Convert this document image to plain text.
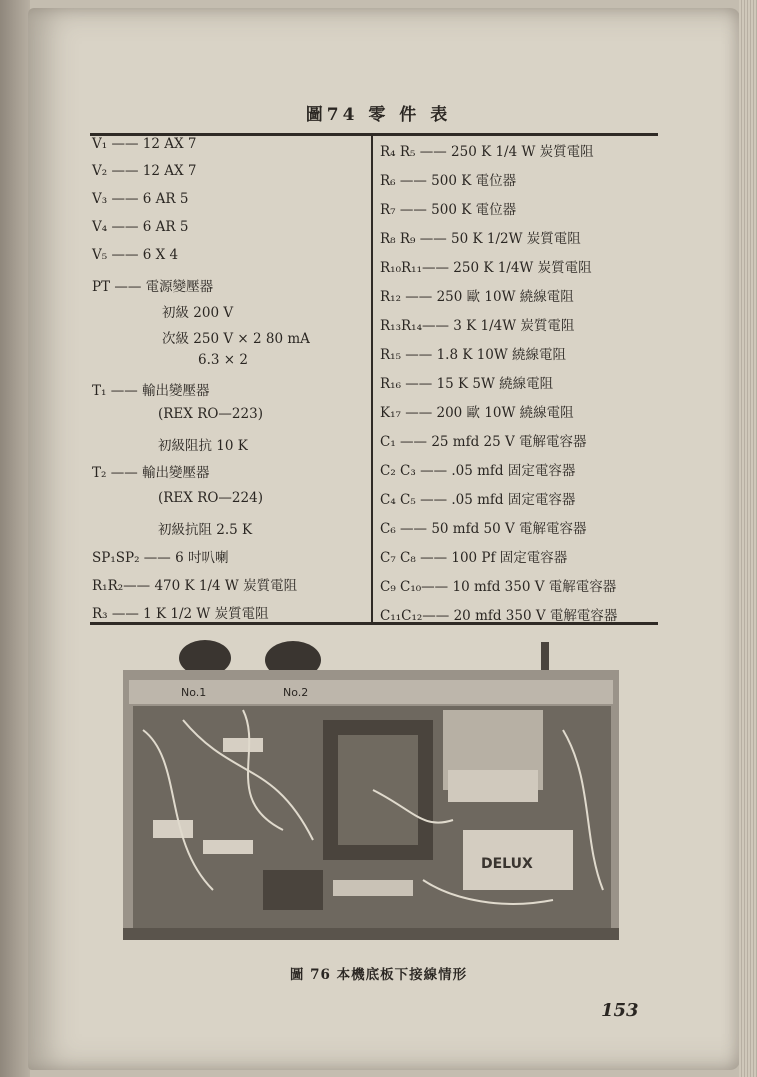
圖74 零 件 表
V₁ —— 12 AX 7
V₂ —— 12 AX 7
V₃ —— 6 AR 5
V₄ —— 6 AR 5
V₅ —— 6 X 4
PT —— 電源變壓器
初級 200 V
次級 250 V × 2 80 mA
6.3 × 2
T₁ —— 輸出變壓器
(REX RO—223)
初級阻抗 10 K
T₂ —— 輸出變壓器
(REX RO—224)
初級抗阻 2.5 K
SP₁SP₂ —— 6 吋叭喇
R₁R₂—— 470 K 1/4 W 炭質電阻
R₃ —— 1 K 1/2 W 炭質電阻
R₄ R₅ —— 250 K 1/4 W 炭質電阻
R₆ —— 500 K 電位器
R₇ —— 500 K 電位器
R₈ R₉ —— 50 K 1/2W 炭質電阻
R₁₀R₁₁—— 250 K 1/4W 炭質電阻
R₁₂ —— 250 歐 10W 繞線電阻
R₁₃R₁₄—— 3 K 1/4W 炭質電阻
R₁₅ —— 1.8 K 10W 繞線電阻
R₁₆ —— 15 K 5W 繞線電阻
K₁₇ —— 200 歐 10W 繞線電阻
C₁ —— 25 mfd 25 V 電解電容器
C₂ C₃ —— .05 mfd 固定電容器
C₄ C₅ —— .05 mfd 固定電容器
C₆ —— 50 mfd 50 V 電解電容器
C₇ C₈ —— 100 Pf 固定電容器
C₉ C₁₀—— 10 mfd 350 V 電解電容器
C₁₁C₁₂—— 20 mfd 350 V 電解電容器
No.1	No.2
DELUX
圖 76 本機底板下接線情形
153
